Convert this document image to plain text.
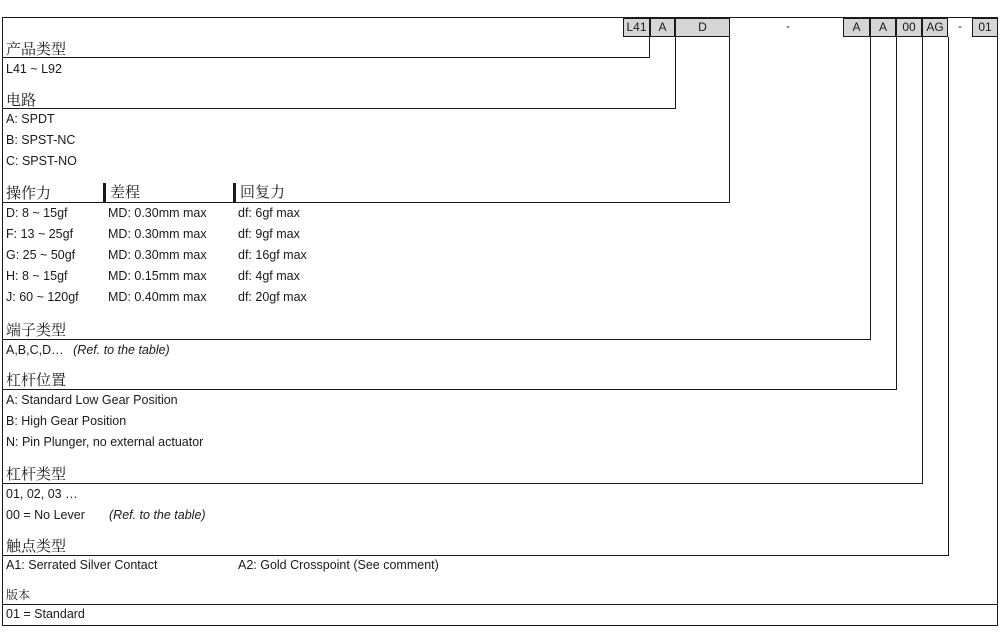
L41 A	D	-	A	A	00 AG	-	01
产品类型
L41 ~ L92
电路
A: SPDT
B: SPST-NC
C: SPST-NO
操作力	差程	回复力
D: 8 ~ 15gf	MD: 0.30mm max	df: 6gf max
F: 13 ~ 25gf	MD: 0.30mm max	df: 9gf max
G: 25 ~ 50gf	MD: 0.30mm max	df: 16gf max
H: 8 ~ 15gf	MD: 0.15mm max	df: 4gf max
J: 60 ~ 120gf MD: 0.40mm max	df: 20gf max
端子类型
A,B,C,D… (Ref. to the table)
杠杆位置
A: Standard Low Gear Position
B: High Gear Position
N: Pin Plunger, no external actuator
杠杆类型
01, 02, 03 …
00 = No Lever (Ref. to the table)
触点类型
A1: Serrated Silver Contact	A2: Gold Crosspoint (See comment)
版本
01 = Standard
